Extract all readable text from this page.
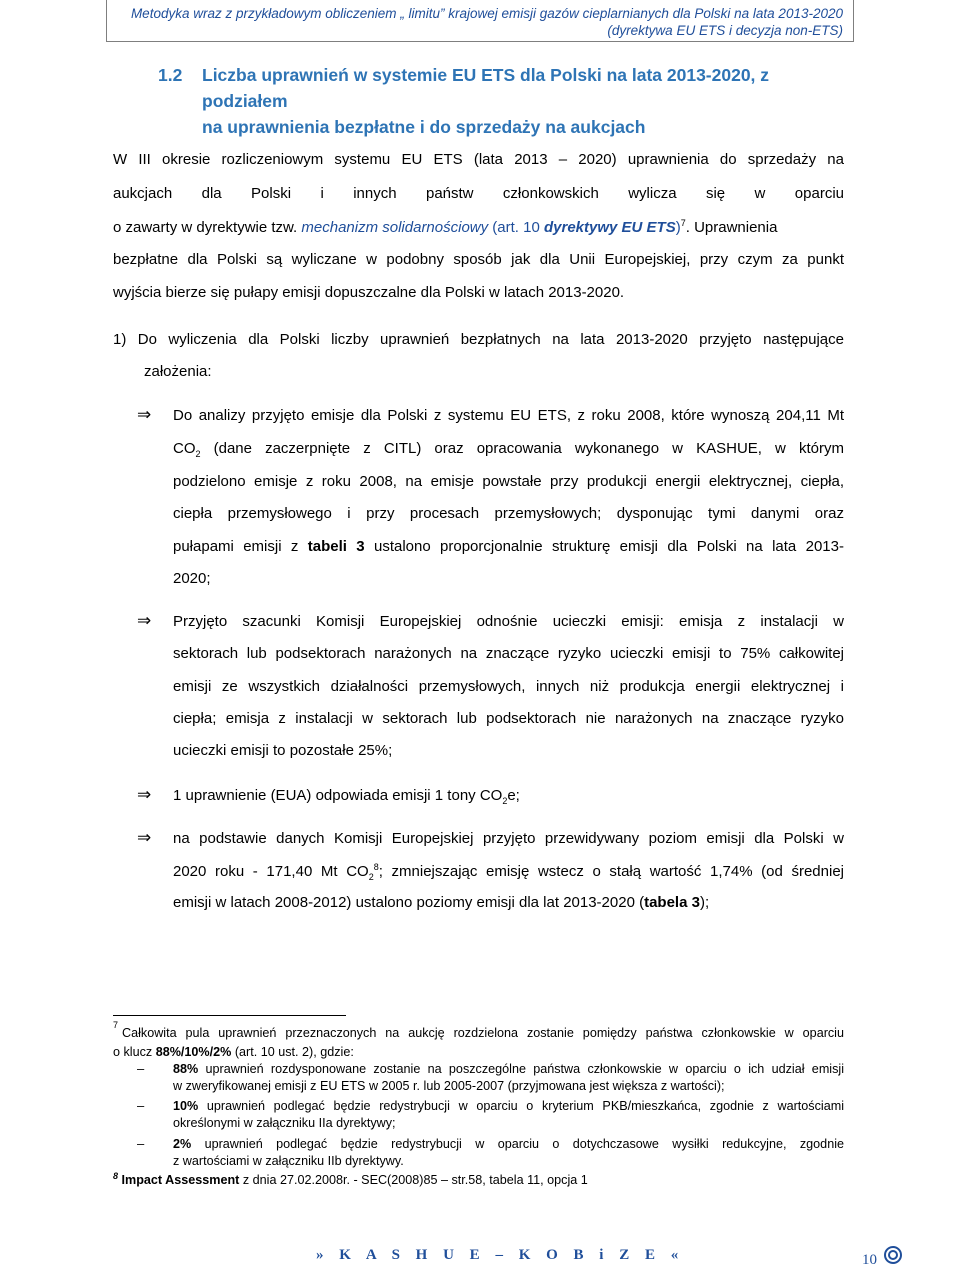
Metodyka wraz z przykładowym obliczeniem „ limitu” krajowej emisji gazów cieplarnianych dla Polski na lata 2013-2020
(dyrektywa EU ETS i decyzja non-ETS)
1.2	Liczba uprawnień w systemie EU ETS dla Polski na lata 2013-2020, z podziałem
na uprawnienia bezpłatne i do sprzedaży na aukcjach
W III okresie rozliczeniowym systemu EU ETS (lata 2013 – 2020) uprawnienia do sprzedaży na
aukcjach dla Polski i innych państw członkowskich wylicza się w oparciu
o zawarty w dyrektywie tzw. mechanizm solidarnościowy (art. 10 dyrektywy EU ETS)$^7$. Uprawnienia
bezpłatne dla Polski są wyliczane w podobny sposób jak dla Unii Europejskiej, przy czym za punkt
wyjścia bierze się pułapy emisji dopuszczalne dla Polski w latach 2013-2020.
1) Do wyliczenia dla Polski liczby uprawnień bezpłatnych na lata 2013-2020 przyjęto następujące
założenia:
⇒ Do analizy przyjęto emisje dla Polski z systemu EU ETS, z roku 2008, które wynoszą 204,11 Mt
$CO_2$ (dane zaczerpnięte z CITL) oraz opracowania wykonanego w KASHUE, w którym
podzielono emisje z roku 2008, na emisje powstałe przy produkcji energii elektrycznej, ciepła,
ciepła przemysłowego i przy procesach przemysłowych; dysponując tymi danymi oraz
pułapami emisji z tabeli 3 ustalono proporcjonalnie strukturę emisji dla Polski na lata 2013-
2020;
⇒ Przyjęto szacunki Komisji Europejskiej odnośnie ucieczki emisji: emisja z instalacji w
sektorach lub podsektorach narażonych na znaczące ryzyko ucieczki emisji to 75% całkowitej
emisji ze wszystkich działalności przemysłowych, innych niż produkcja energii elektrycznej i
ciepła; emisja z instalacji w sektorach lub podsektorach nie narażonych na znaczące ryzyko
ucieczki emisji to pozostałe 25%;
⇒ 1 uprawnienie (EUA) odpowiada emisji 1 tony $CO_2e$;
⇒ na podstawie danych Komisji Europejskiej przyjęto przewidywany poziom emisji dla Polski w
2020 roku - 171,40 Mt $CO_2^8$; zmniejszając emisję wstecz o stałą wartość 1,74% (od średniej
emisji w latach 2008-2012) ustalono poziomy emisji dla lat 2013-2020 (tabela 3);
$^7$
Całkowita pula uprawnień przeznaczonych na aukcję rozdzielona zostanie pomiędzy państwa członkowskie w oparciu
o klucz 88%/10%/2% (art. 10 ust. 2), gdzie:
– 88% uprawnień rozdysponowane zostanie na poszczególne państwa członkowskie w oparciu o ich udział emisji
w zweryfikowanej emisji z EU ETS w 2005 r. lub 2005-2007 (przyjmowana jest większa z wartości);
– 10% uprawnień podlegać będzie redystrybucji w oparciu o kryterium PKB/mieszkańca, zgodnie z wartościami
określonymi w załączniku IIa dyrektywy;
– 2% uprawnień podlegać będzie redystrybucji w oparciu o dotychczasowe wysiłki redukcyjne, zgodnie
z wartościami w załączniku IIb dyrektywy.
$^8$ Impact Assessment z dnia 27.02.2008r. - SEC(2008)85 – str.58, tabela 11, opcja 1
» K A S H U E – K O B i Z E «	10
